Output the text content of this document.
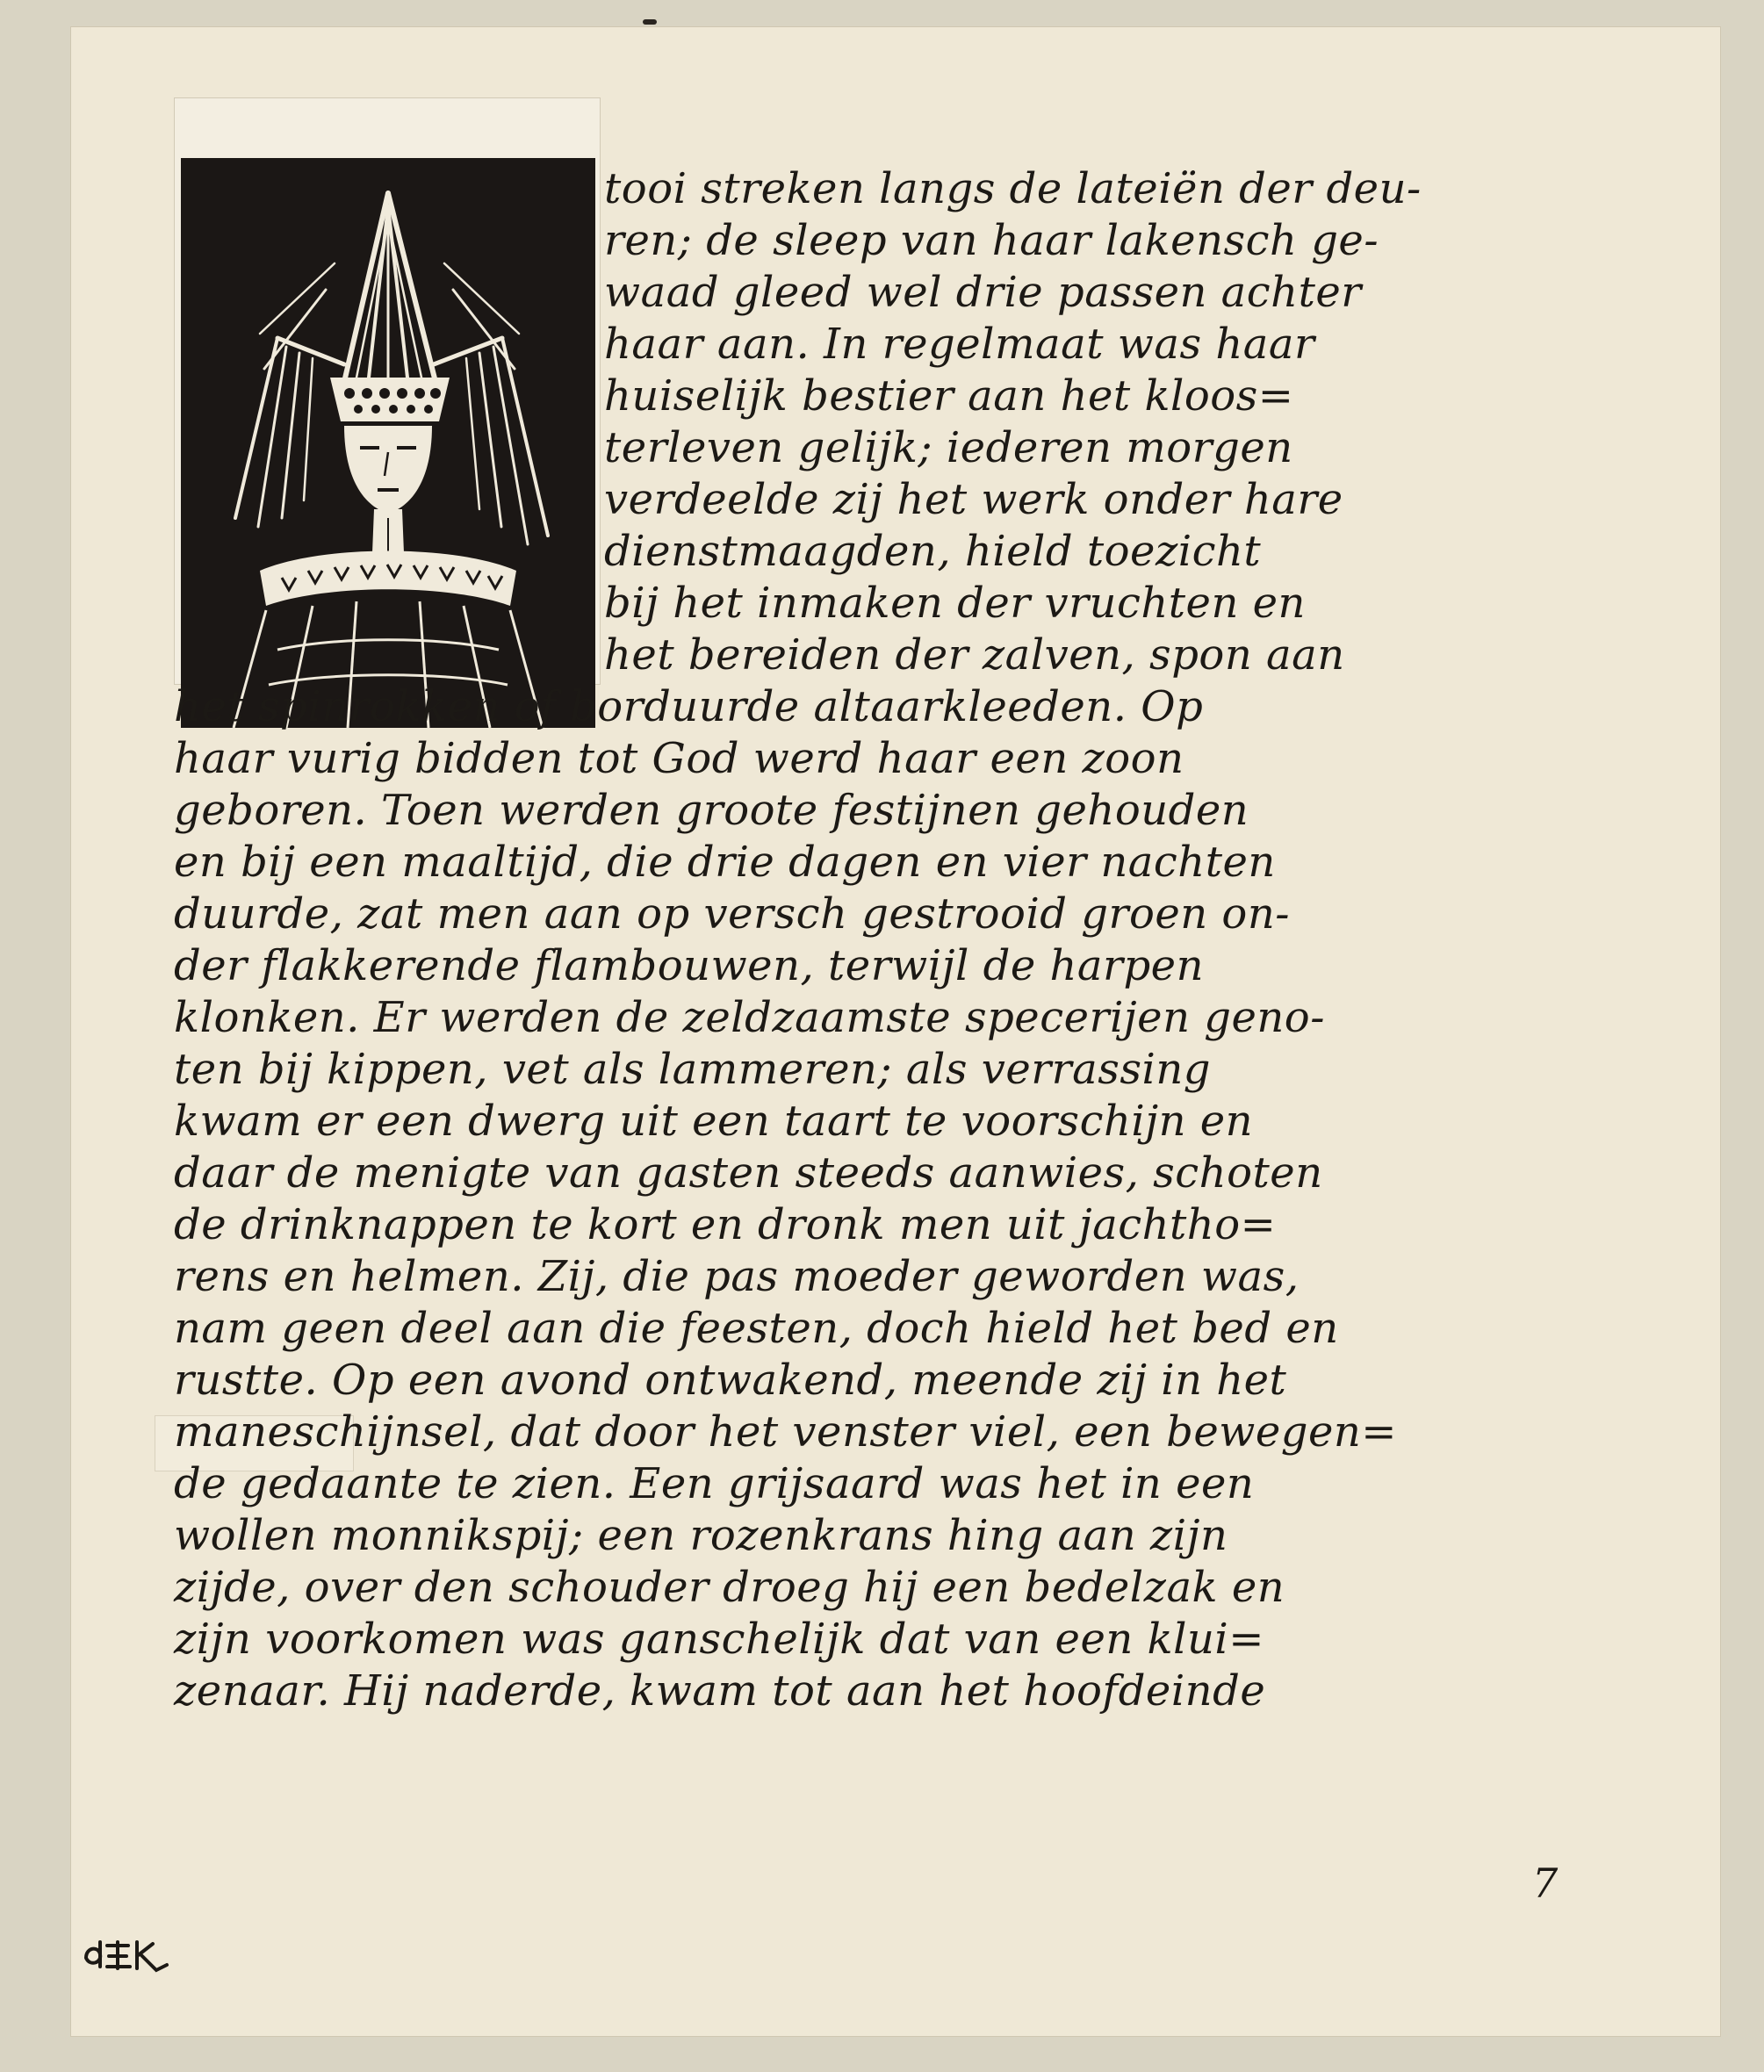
tooi streken langs de lateiën der deu-
ren; de sleep van haar lakensch ge-
waad gleed wel drie passen achter
haar aan. In regelmaat was haar
huiselijk bestier aan het kloos=
terleven gelijk; iederen morgen
verdeelde zij het werk onder hare
dienstmaagden, hield toezicht
bij het inmaken der vruchten en
het bereiden der zalven, spon aan
het spinrokken of borduurde altaarkleeden. Op
haar vurig bidden tot God werd haar een zoon
geboren. Toen werden groote festijnen gehouden
en bij een maaltijd, die drie dagen en vier nachten
duurde, zat men aan op versch gestrooid groen on-
der flakkerende flambouwen, terwijl de harpen
klonken. Er werden de zeldzaamste specerijen geno-
ten bij kippen, vet als lammeren; als verrassing
kwam er een dwerg uit een taart te voorschijn en
daar de menigte van gasten steeds aanwies, schoten
de drinknappen te kort en dronk men uit jachtho=
rens en helmen. Zij, die pas moeder geworden was,
nam geen deel aan die feesten, doch hield het bed en
rustte. Op een avond ontwakend, meende zij in het
maneschijnsel, dat door het venster viel, een bewegen=
de gedaante te zien. Een grijsaard was het in een
wollen monnikspij; een rozenkrans hing aan zijn
zijde, over den schouder droeg hij een bedelzak en
zijn voorkomen was ganschelijk dat van een klui=
zenaar. Hij naderde, kwam tot aan het hoofdeinde
7
